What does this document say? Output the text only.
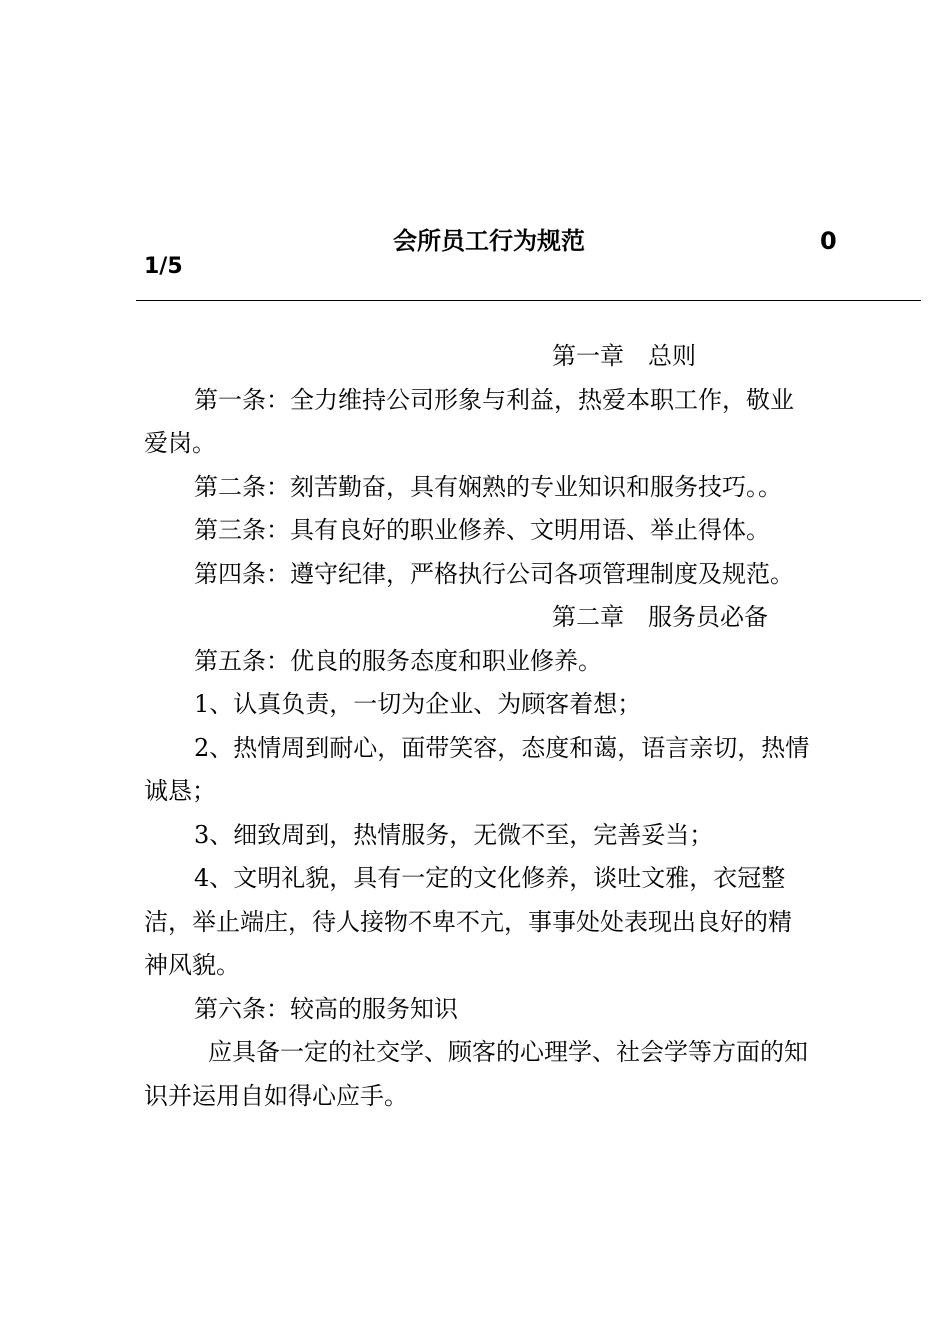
会所员工行为规范	0
1/5

第一章　总则

第一条：全力维持公司形象与利益，热爱本职工作，敬业爱岗。

第二条：刻苦勤奋，具有娴熟的专业知识和服务技巧。。

第三条：具有良好的职业修养、文明用语、举止得体。

第四条：遵守纪律，严格执行公司各项管理制度及规范。

第二章　服务员必备

第五条：优良的服务态度和职业修养。

1、认真负责，一切为企业、为顾客着想；

2、热情周到耐心，面带笑容，态度和蔼，语言亲切，热情诚恳；

3、细致周到，热情服务，无微不至，完善妥当；

4、文明礼貌，具有一定的文化修养，谈吐文雅，衣冠整洁，举止端庄，待人接物不卑不亢，事事处处表现出良好的精神风貌。

第六条：较高的服务知识

应具备一定的社交学、顾客的心理学、社会学等方面的知识并运用自如得心应手。
